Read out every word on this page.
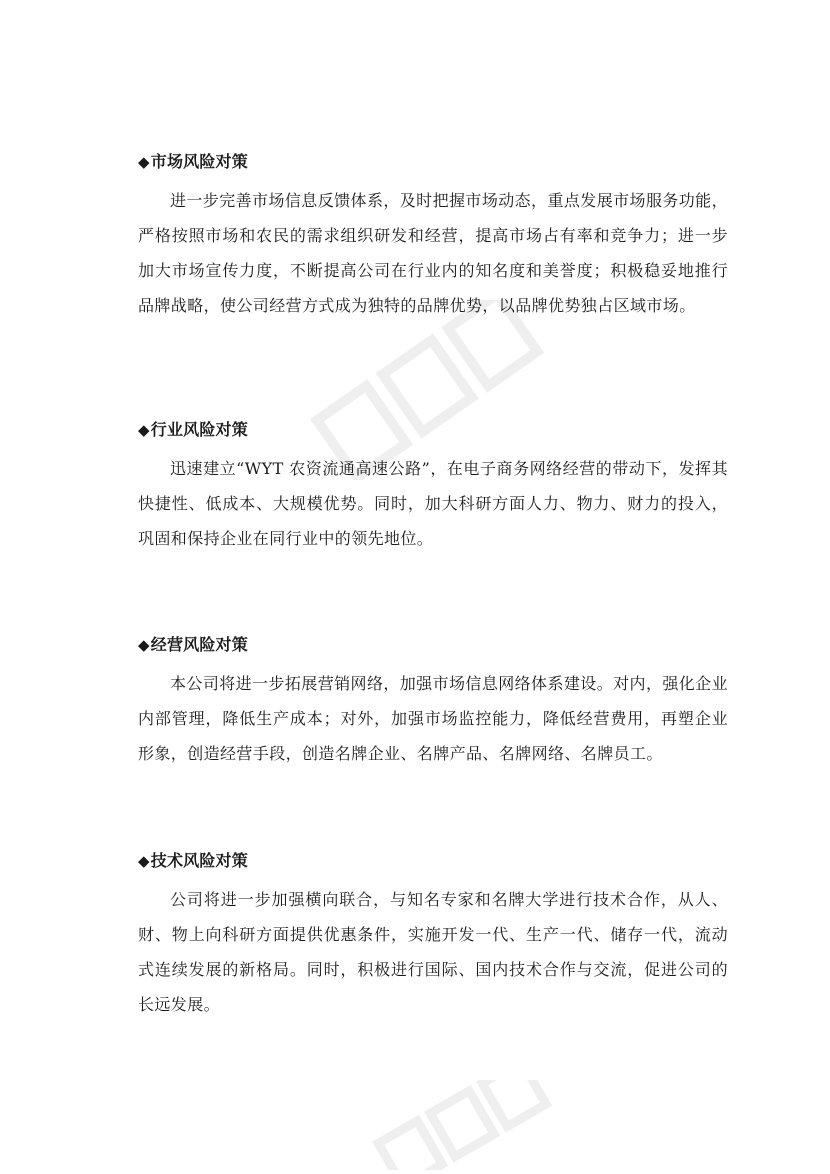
◆市场风险对策

进一步完善市场信息反馈体系，及时把握市场动态，重点发展市场服务功能，严格按照市场和农民的需求组织研发和经营，提高市场占有率和竞争力；进一步加大市场宣传力度，不断提高公司在行业内的知名度和美誉度；积极稳妥地推行品牌战略，使公司经营方式成为独特的品牌优势，以品牌优势独占区域市场。

◆行业风险对策

迅速建立“WYT 农资流通高速公路”，在电子商务网络经营的带动下，发挥其快捷性、低成本、大规模优势。同时，加大科研方面人力、物力、财力的投入，巩固和保持企业在同行业中的领先地位。

◆经营风险对策

本公司将进一步拓展营销网络，加强市场信息网络体系建设。对内，强化企业内部管理，降低生产成本；对外，加强市场监控能力，降低经营费用，再塑企业形象，创造经营手段，创造名牌企业、名牌产品、名牌网络、名牌员工。

◆技术风险对策

公司将进一步加强横向联合，与知名专家和名牌大学进行技术合作，从人、财、物上向科研方面提供优惠条件，实施开发一代、生产一代、储存一代，流动式连续发展的新格局。同时，积极进行国际、国内技术合作与交流，促进公司的长远发展。
